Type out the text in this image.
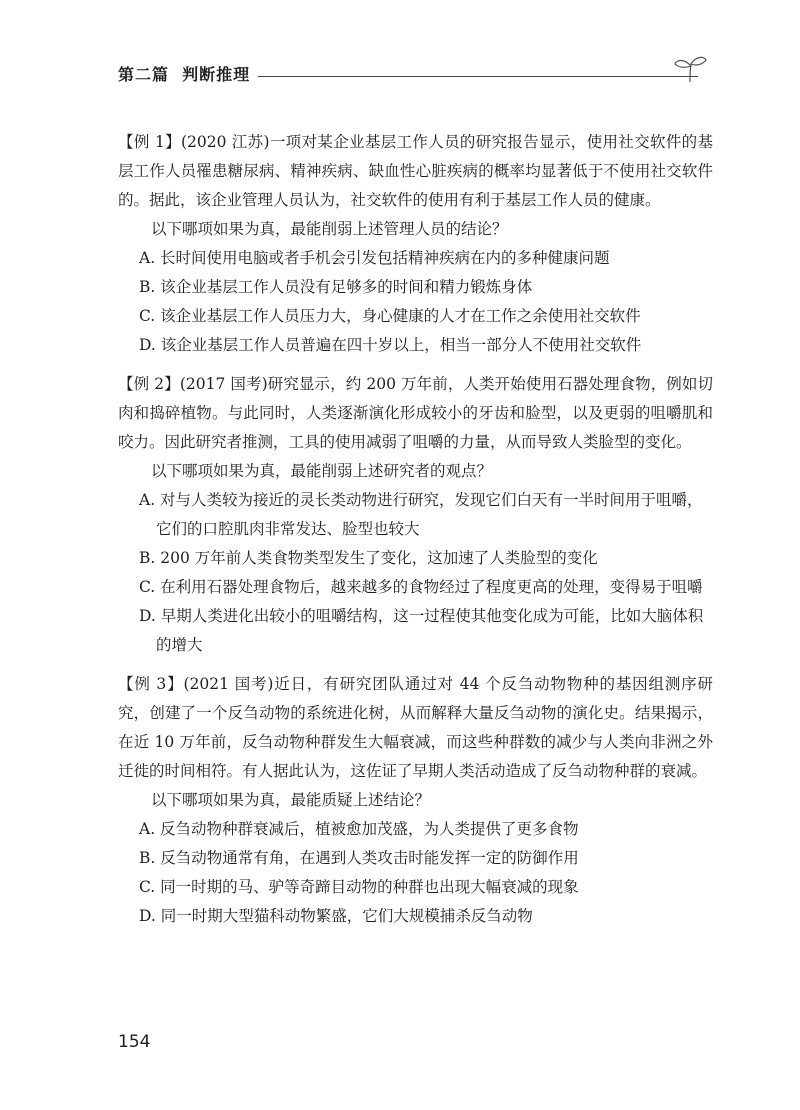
第二篇  判断推理

【例 1】(2020 江苏)一项对某企业基层工作人员的研究报告显示，使用社交软件的基层工作人员罹患糖尿病、精神疾病、缺血性心脏疾病的概率均显著低于不使用社交软件的。据此，该企业管理人员认为，社交软件的使用有利于基层工作人员的健康。

以下哪项如果为真，最能削弱上述管理人员的结论？

A. 长时间使用电脑或者手机会引发包括精神疾病在内的多种健康问题

B. 该企业基层工作人员没有足够多的时间和精力锻炼身体

C. 该企业基层工作人员压力大，身心健康的人才在工作之余使用社交软件

D. 该企业基层工作人员普遍在四十岁以上，相当一部分人不使用社交软件

【例 2】(2017 国考)研究显示，约 200 万年前，人类开始使用石器处理食物，例如切肉和捣碎植物。与此同时，人类逐渐演化形成较小的牙齿和脸型，以及更弱的咀嚼肌和咬力。因此研究者推测，工具的使用减弱了咀嚼的力量，从而导致人类脸型的变化。

以下哪项如果为真，最能削弱上述研究者的观点？

A. 对与人类较为接近的灵长类动物进行研究，发现它们白天有一半时间用于咀嚼，它们的口腔肌肉非常发达、脸型也较大

B. 200 万年前人类食物类型发生了变化，这加速了人类脸型的变化

C. 在利用石器处理食物后，越来越多的食物经过了程度更高的处理，变得易于咀嚼

D. 早期人类进化出较小的咀嚼结构，这一过程使其他变化成为可能，比如大脑体积的增大

【例 3】(2021 国考)近日，有研究团队通过对 44 个反刍动物物种的基因组测序研究，创建了一个反刍动物的系统进化树，从而解释大量反刍动物的演化史。结果揭示，在近 10 万年前，反刍动物种群发生大幅衰减，而这些种群数的减少与人类向非洲之外迁徙的时间相符。有人据此认为，这佐证了早期人类活动造成了反刍动物种群的衰减。

以下哪项如果为真，最能质疑上述结论？

A. 反刍动物种群衰减后，植被愈加茂盛，为人类提供了更多食物

B. 反刍动物通常有角，在遇到人类攻击时能发挥一定的防御作用

C. 同一时期的马、驴等奇蹄目动物的种群也出现大幅衰减的现象

D. 同一时期大型猫科动物繁盛，它们大规模捕杀反刍动物

154
